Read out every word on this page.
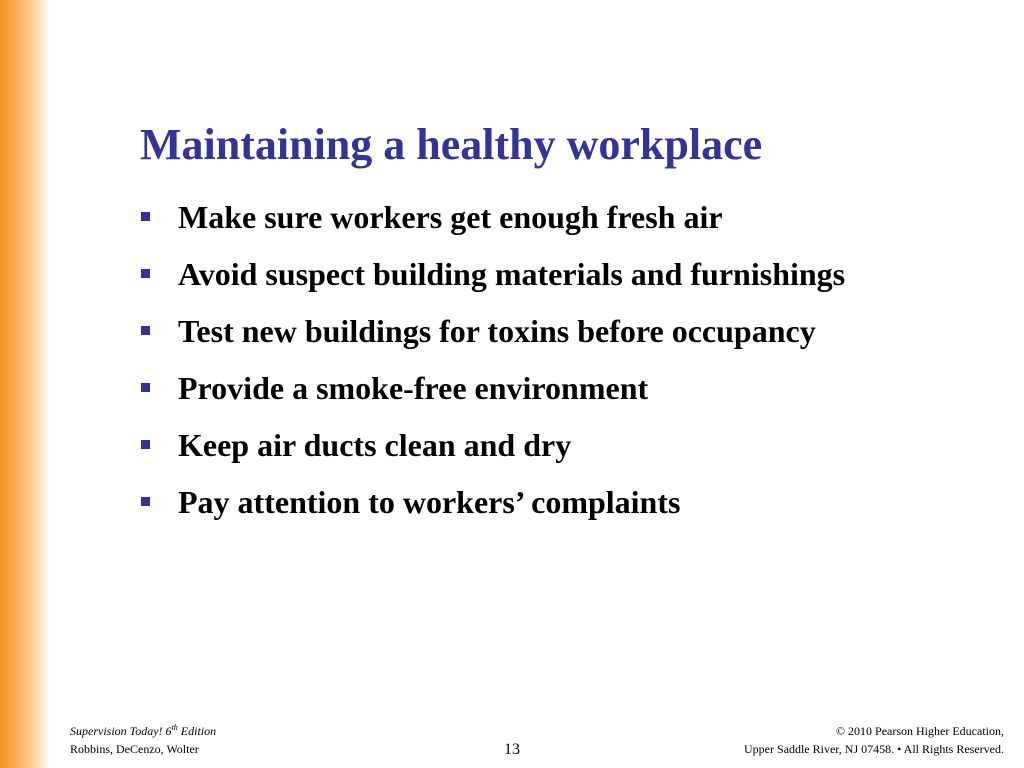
Maintaining a healthy workplace
Make sure workers get enough fresh air
Avoid suspect building materials and furnishings
Test new buildings for toxins before occupancy
Provide a smoke-free environment
Keep air ducts clean and dry
Pay attention to workers’ complaints
Supervision Today! 6th Edition
Robbins, DeCenzo, Wolter	13
© 2010 Pearson Higher Education,
Upper Saddle River, NJ 07458. • All Rights Reserved.
